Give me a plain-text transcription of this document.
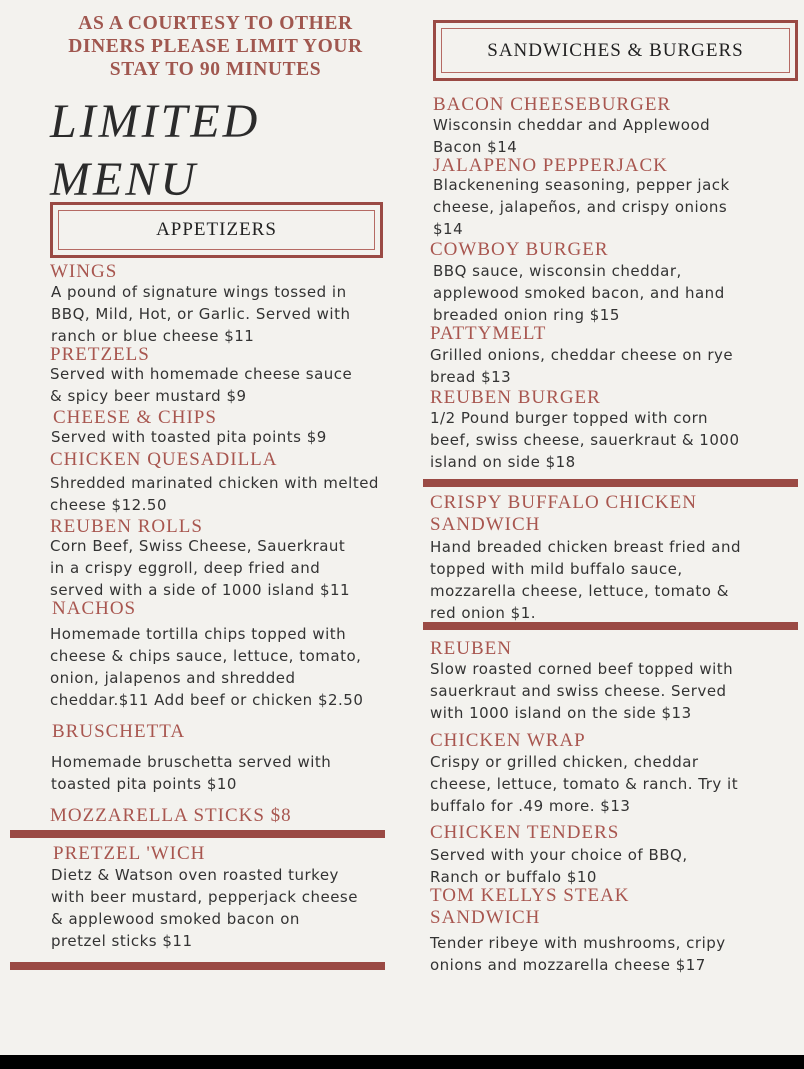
AS A COURTESY TO OTHER
DINERS PLEASE LIMIT YOUR
STAY TO 90 MINUTES
LIMITED
MENU
APPETIZERS
SANDWICHES & BURGERS
WINGS
A pound of signature wings tossed in
BBQ, Mild, Hot, or Garlic. Served with
ranch or blue cheese $11
PRETZELS
Served with homemade cheese sauce
& spicy beer mustard $9
CHEESE & CHIPS
Served with toasted pita points $9
CHICKEN QUESADILLA
Shredded marinated chicken with melted
cheese $12.50
REUBEN ROLLS
Corn Beef, Swiss Cheese, Sauerkraut
in a crispy eggroll, deep fried and
served with a side of 1000 island $11
NACHOS
Homemade tortilla chips topped with
cheese & chips sauce, lettuce, tomato,
onion, jalapenos and shredded
cheddar.$11 Add beef or chicken $2.50
BRUSCHETTA
Homemade bruschetta served with
toasted pita points $10
MOZZARELLA STICKS $8
PRETZEL 'WICH
Dietz & Watson oven roasted turkey
with beer mustard, pepperjack cheese
& applewood smoked bacon on
pretzel sticks $11
BACON CHEESEBURGER
Wisconsin cheddar and Applewood
Bacon $14
JALAPENO PEPPERJACK
Blackenening seasoning, pepper jack
cheese, jalapeños, and crispy onions
$14
COWBOY BURGER
BBQ sauce, wisconsin cheddar,
applewood smoked bacon, and hand
breaded onion ring $15
PATTYMELT
Grilled onions, cheddar cheese on rye
bread $13
REUBEN BURGER
1/2 Pound burger topped with corn
beef, swiss cheese, sauerkraut & 1000
island on side $18
CRISPY BUFFALO CHICKEN
SANDWICH
Hand breaded chicken breast fried and
topped with mild buffalo sauce,
mozzarella cheese, lettuce, tomato &
red onion $1.
REUBEN
Slow roasted corned beef topped with
sauerkraut and swiss cheese. Served
with 1000 island on the side $13
CHICKEN WRAP
Crispy or grilled chicken, cheddar
cheese, lettuce, tomato & ranch. Try it
buffalo for .49 more. $13
CHICKEN TENDERS
Served with your choice of BBQ,
Ranch or buffalo $10
TOM KELLYS STEAK
SANDWICH
Tender ribeye with mushrooms, cripy
onions and mozzarella cheese $17
